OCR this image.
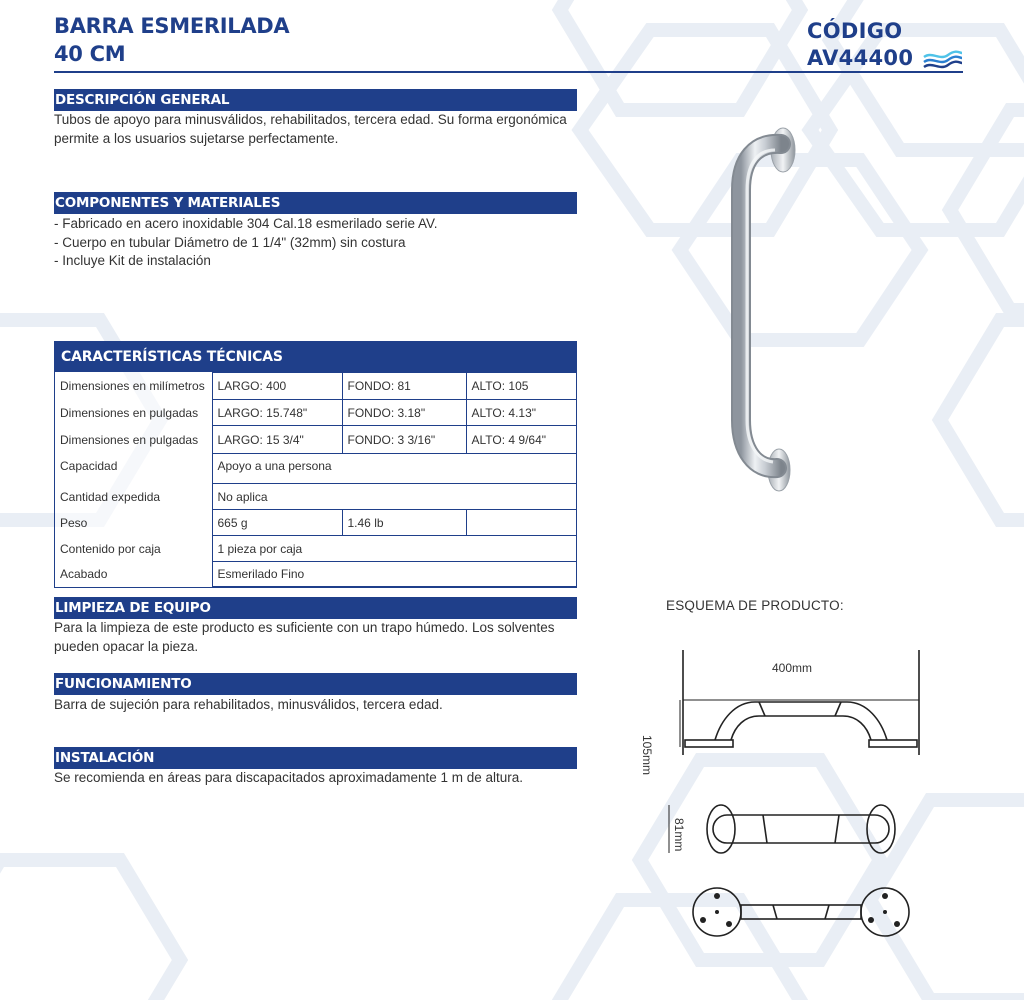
BARRA ESMERILADA
40 CM
CÓDIGO
AV44400
DESCRIPCIÓN GENERAL
Tubos de apoyo para minusválidos, rehabilitados, tercera edad. Su forma ergonómica
permite a los usuarios sujetarse perfectamente.
COMPONENTES Y MATERIALES
- Fabricado en acero inoxidable 304 Cal.18 esmerilado serie AV.
- Cuerpo en tubular Diámetro de 1 1/4" (32mm) sin costura
- Incluye Kit de instalación
CARACTERÍSTICAS TÉCNICAS
Dimensiones en milímetros	LARGO: 400	FONDO: 81	ALTO: 105
Dimensiones en pulgadas	LARGO: 15.748"	FONDO: 3.18"	ALTO: 4.13"
Dimensiones en pulgadas	LARGO: 15 3/4"	FONDO: 3 3/16"	ALTO: 4 9/64"
Capacidad	Apoyo a una persona		
Cantidad expedida	No aplica		
Peso	665 g	1.46 lb	
Contenido por caja	1 pieza por caja		
Acabado	Esmerilado Fino		
LIMPIEZA DE EQUIPO
Para la limpieza de este producto es suficiente con un trapo húmedo. Los solventes
pueden opacar la pieza.
FUNCIONAMIENTO
Barra de sujeción para rehabilitados, minusválidos, tercera edad.
INSTALACIÓN
Se recomienda en áreas para discapacitados aproximadamente 1 m de altura.
ESQUEMA DE PRODUCTO:
400mm
105mm
81mm
